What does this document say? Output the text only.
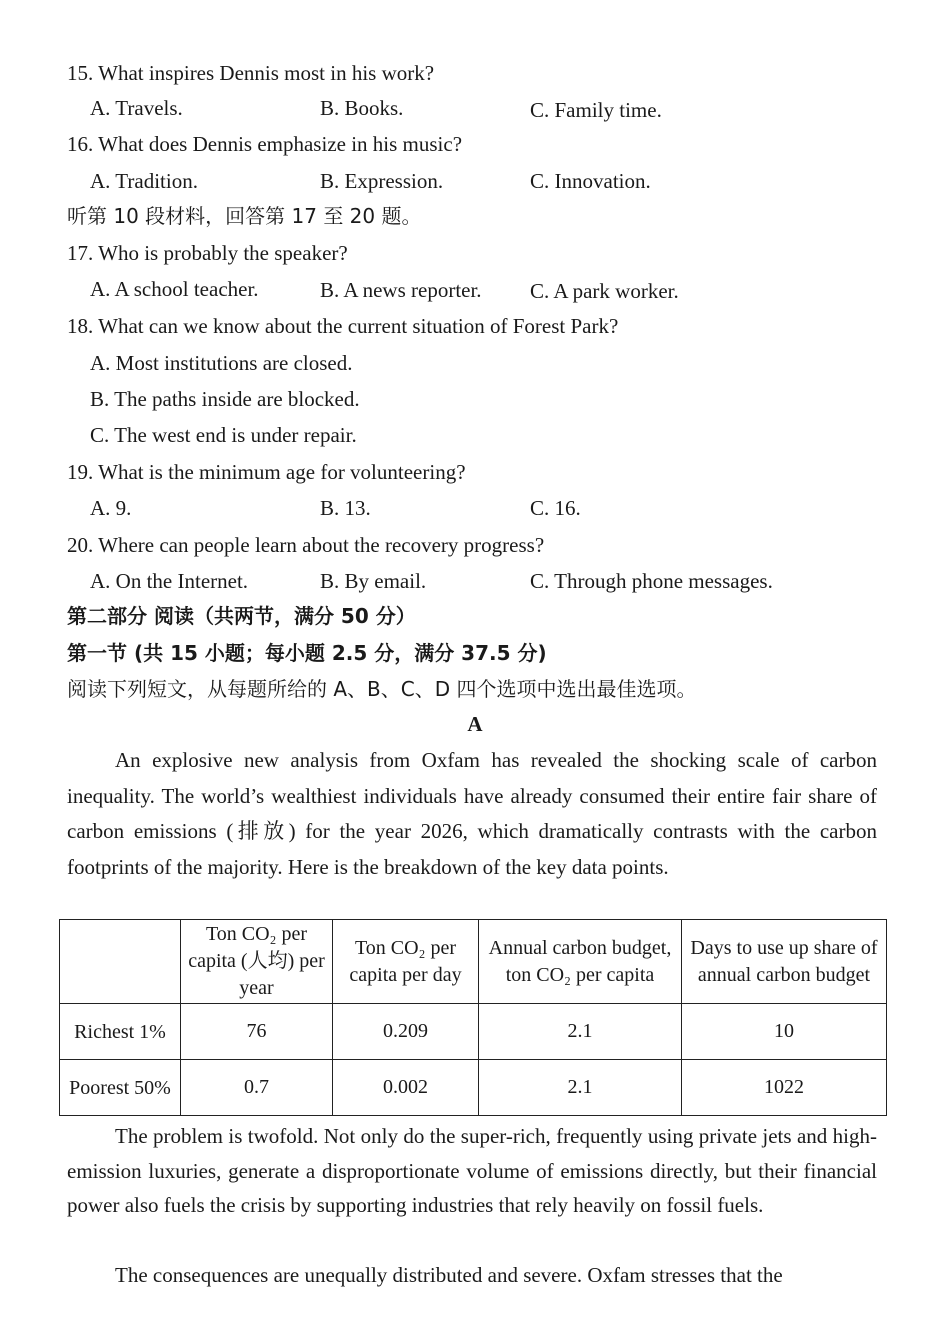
15. What inspires Dennis most in his work?
A. Travels.	B. Books.	C. Family time.
16. What does Dennis emphasize in his music?
A. Tradition.	B. Expression.	C. Innovation.
听第 10 段材料，回答第 17 至 20 题。
17. Who is probably the speaker?
A. A school teacher.	B. A news reporter. C. A park worker.
18. What can we know about the current situation of Forest Park?
A. Most institutions are closed.
B. The paths inside are blocked.
C. The west end is under repair.
19. What is the minimum age for volunteering?
A. 9.	B. 13.	C. 16.
20. Where can people learn about the recovery progress?
A. On the Internet.	B. By email.	C. Through phone messages.
第二部分 阅读（共两节，满分 50 分）
第一节 (共 15 小题；每小题 2.5 分，满分 37.5 分)
阅读下列短文，从每题所给的 A、B、C、D 四个选项中选出最佳选项。
A
An explosive new analysis from Oxfam has revealed the shocking scale of carbon inequality. The world’s wealthiest individuals have already consumed their entire fair share of carbon emissions (排放) for the year 2026, which dramatically contrasts with the carbon footprints of the majority. Here is the breakdown of the key data points.
	Ton CO₂ per capita (人均) per year	Ton CO₂ per capita per day	Annual carbon budget, ton CO₂ per capita	Days to use up share of annual carbon budget
Richest 1%	76	0.209	2.1	10
Poorest 50%	0.7	0.002	2.1	1022
The problem is twofold. Not only do the super-rich, frequently using private jets and high-emission luxuries, generate a disproportionate volume of emissions directly, but their financial power also fuels the crisis by supporting industries that rely heavily on fossil fuels.
The consequences are unequally distributed and severe. Oxfam stresses that the
